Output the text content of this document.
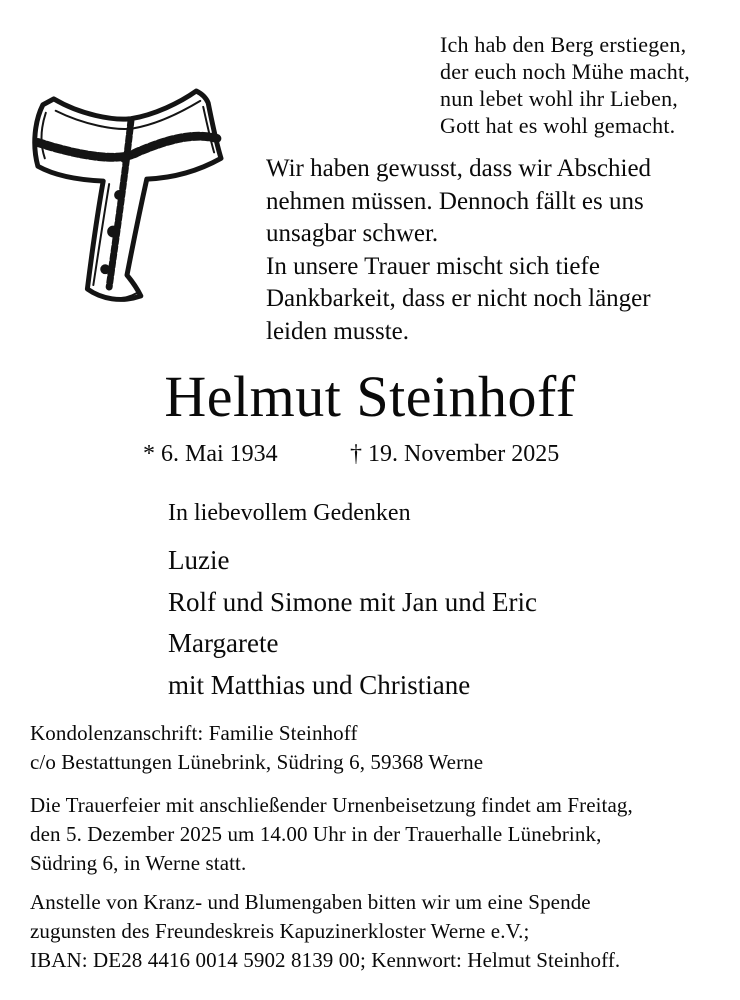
Ich hab den Berg erstiegen,
der euch noch Mühe macht,
nun lebet wohl ihr Lieben,
Gott hat es wohl gemacht.
Wir haben gewusst, dass wir Abschied
nehmen müssen. Dennoch fällt es uns
unsagbar schwer.
In unsere Trauer mischt sich tiefe
Dankbarkeit, dass er nicht noch länger
leiden musste.
Helmut Steinhoff
* 6. Mai 1934	† 19. November 2025
In liebevollem Gedenken
Luzie
Rolf und Simone mit Jan und Eric
Margarete
mit Matthias und Christiane
Kondolenzanschrift: Familie Steinhoff
c/o Bestattungen Lünebrink, Südring 6, 59368 Werne
Die Trauerfeier mit anschließender Urnenbeisetzung findet am Freitag,
den 5. Dezember 2025 um 14.00 Uhr in der Trauerhalle Lünebrink,
Südring 6, in Werne statt.
Anstelle von Kranz- und Blumengaben bitten wir um eine Spende
zugunsten des Freundeskreis Kapuzinerkloster Werne e.V.;
IBAN: DE28 4416 0014 5902 8139 00; Kennwort: Helmut Steinhoff.
